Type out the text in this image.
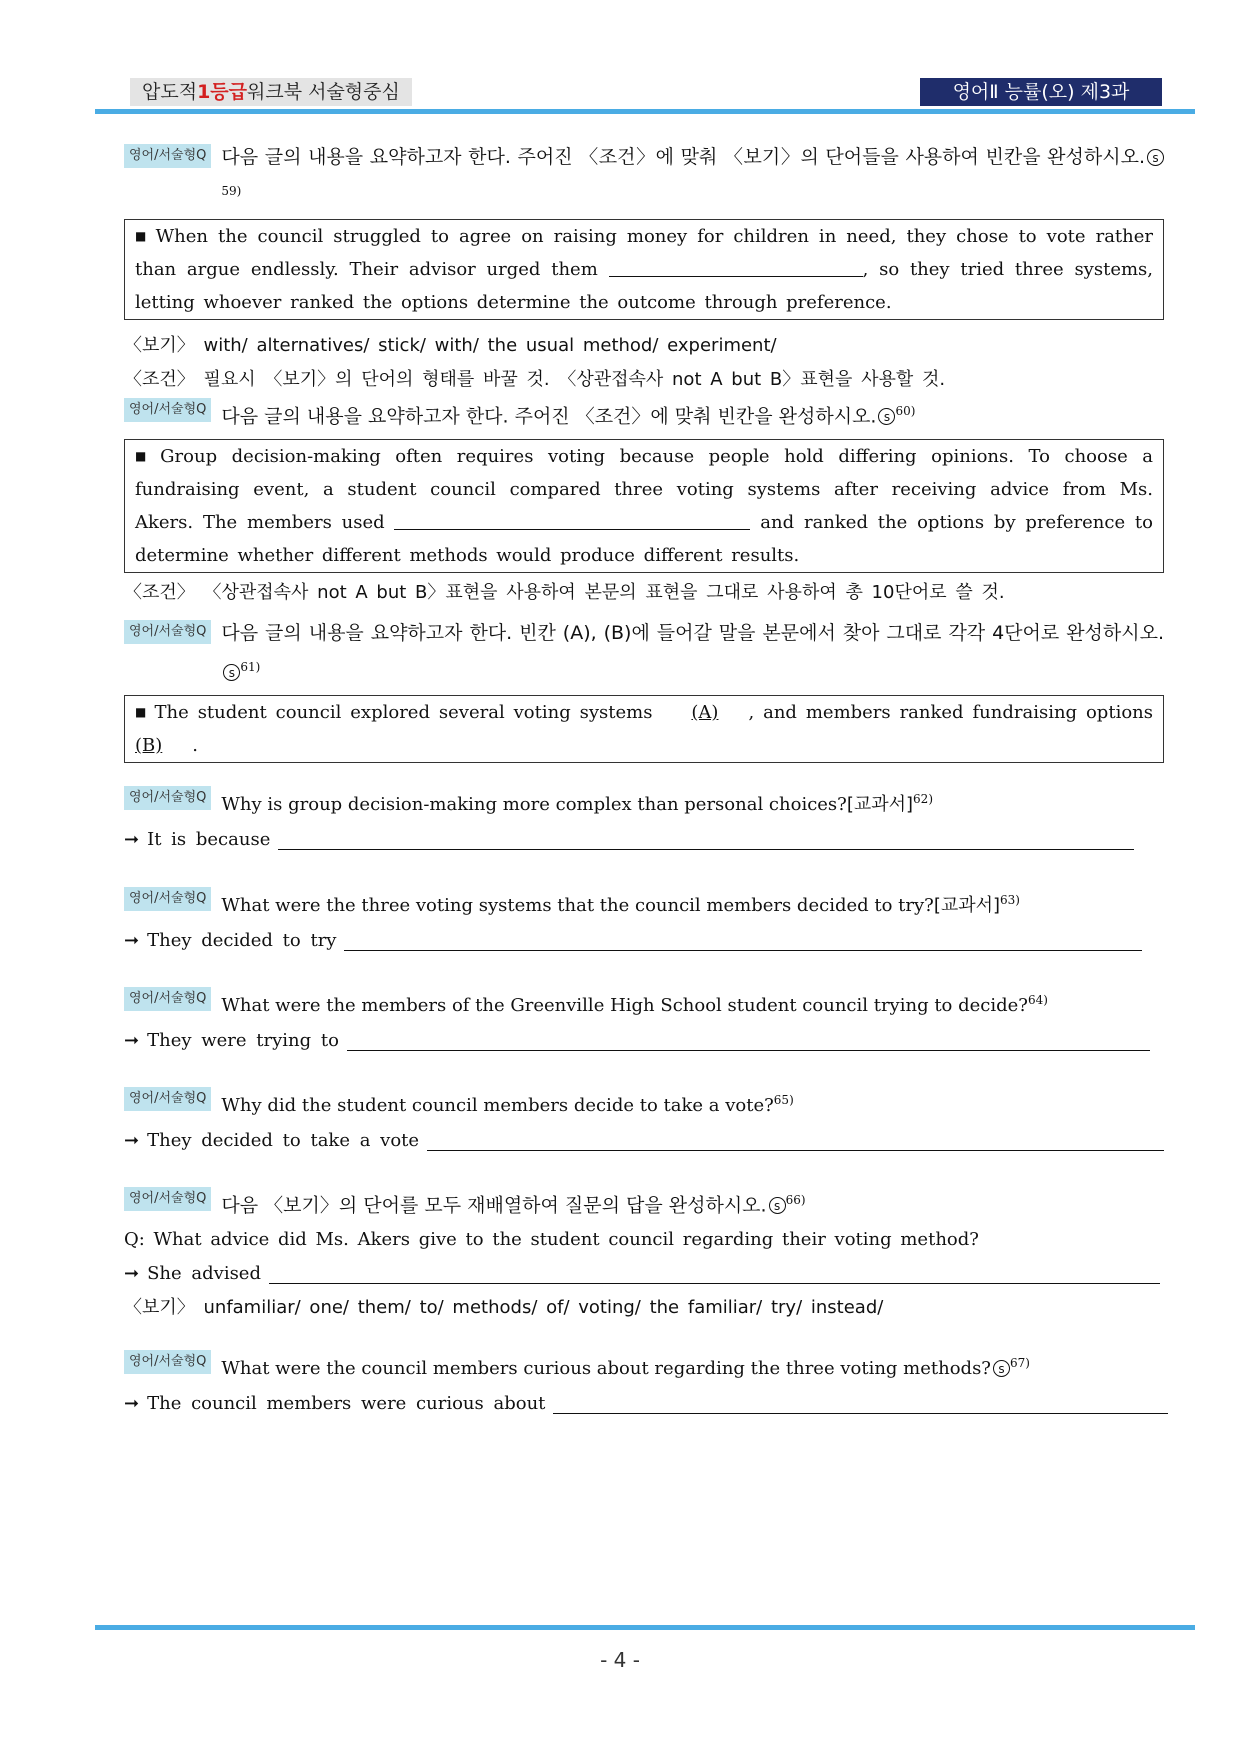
압도적1등급워크북 서술형중심	영어Ⅱ 능률(오) 제3과
영어/서술형Q 다음 글의 내용을 요약하고자 한다. 주어진 〈조건〉에 맞춰 〈보기〉의 단어들을 사용하여 빈칸을 완성하시오. $s^{59)}$
■ When the council struggled to agree on raising money for children in need, they chose to vote rather than argue endlessly. Their advisor urged them	, so they tried three systems, letting whoever ranked the options determine the outcome through preference.
〈보기〉 with/ alternatives/ stick/ with/ the usual method/ experiment/
〈조건〉 필요시 〈보기〉의 단어의 형태를 바꿀 것. 〈상관접속사 not A but B〉표현을 사용할 것.
영어/서술형Q 다음 글의 내용을 요약하고자 한다. 주어진 〈조건〉에 맞춰 빈칸을 완성하시오. s $^{60)}$
■ Group decision-making often requires voting because people hold differing opinions. To choose a fundraising event, a student council compared three voting systems after receiving advice from Ms. Akers. The members used	and ranked the options by preference to determine whether different methods would produce different results.
〈조건〉 〈상관접속사 not A but B〉표현을 사용하여 본문의 표현을 그대로 사용하여 총 10단어로 쓸 것.
영어/서술형Q 다음 글의 내용을 요약하고자 한다. 빈칸 (A), (B)에 들어갈 말을 본문에서 찾아 그대로 각각 4단어로 완성하시오.s $^{61)}$
■ The student council explored several voting systems (A) , and members ranked fundraising options (B) .
영어/서술형Q Why is group decision-making more complex than personal choices?[교과서]$^{62)}$
➞ It is because
영어/서술형Q What were the three voting systems that the council members decided to try?[교과서]$^{63)}$
➞ They decided to try
영어/서술형Q What were the members of the Greenville High School student council trying to decide?$^{64)}$
➞ They were trying to
영어/서술형Q Why did the student council members decide to take a vote?$^{65)}$
➞ They decided to take a vote
영어/서술형Q 다음 〈보기〉의 단어를 모두 재배열하여 질문의 답을 완성하시오. s $^{66)}$
Q: What advice did Ms. Akers give to the student council regarding their voting method?
➞ She advised
〈보기〉 unfamiliar/ one/ them/ to/ methods/ of/ voting/ the familiar/ try/ instead/
영어/서술형Q What were the council members curious about regarding the three voting methods? s $^{67)}$
➞ The council members were curious about
- 4 -
